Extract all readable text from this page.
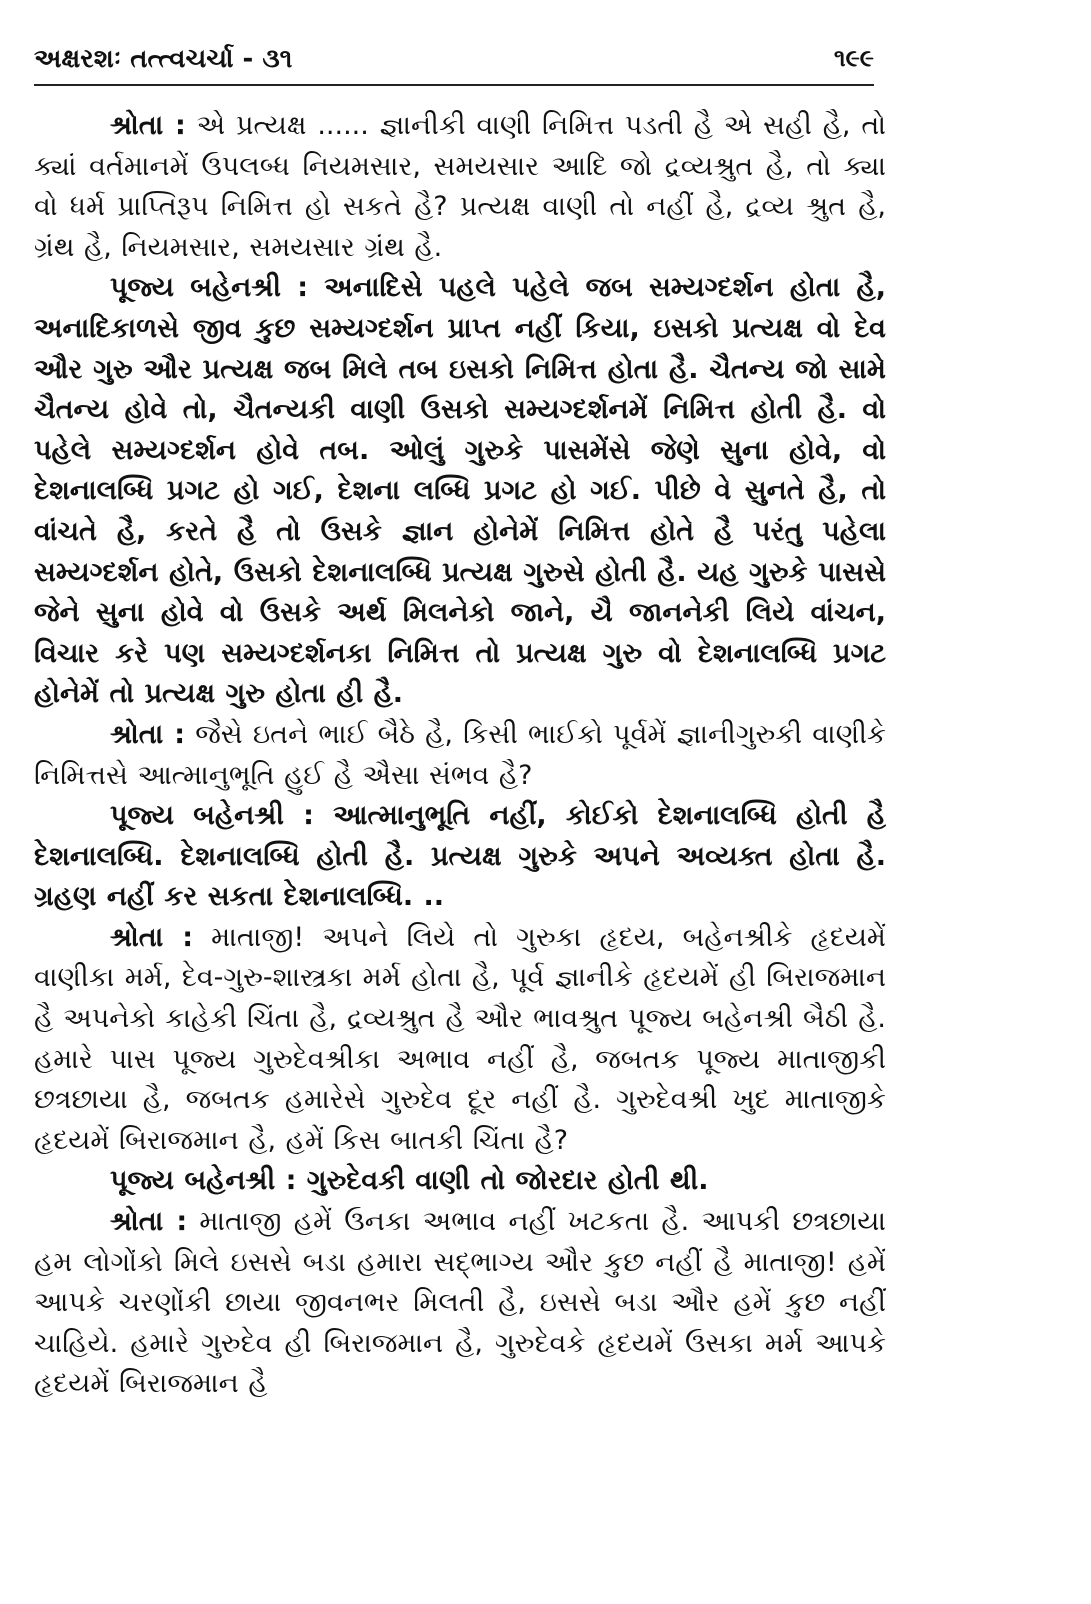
અક્ષરશઃ તત્ત્વચર્ચા - ૩૧	૧૯૯

શ્રોતા : એ પ્રત્યક્ષ ...... જ્ઞાનીકી વાણી નિમિત્ત પડતી હૈ એ સહી હૈ, તો ક્યાં વર્તમાનમેં ઉપલબ્ધ નિયમસાર, સમયસાર આદિ જો દ્રવ્યશ્રુત હૈ, તો ક્યા વો ધર્મ પ્રાપ્તિરૂપ નિમિત્ત હો સકતે હૈ? પ્રત્યક્ષ વાણી તો નહીં હૈ, દ્રવ્ય શ્રુત હૈ, ગ્રંથ હૈ, નિયમસાર, સમયસાર ગ્રંથ હૈ.

પૂજ્ય બહેનશ્રી : અનાદિસે પહલે પહેલે જબ સમ્યગ્દર્શન હોતા હૈ, અનાદિકાળસે જીવ કુછ સમ્યગ્દર્શન પ્રાપ્ત નહીં કિયા, ઇસકો પ્રત્યક્ષ વો દેવ ઔર ગુરુ ઔર પ્રત્યક્ષ જબ મિલે તબ ઇસકો નિમિત્ત હોતા હૈ. ચૈતન્ય જો સામે ચૈતન્ય હોવે તો, ચૈતન્યકી વાણી ઉસકો સમ્યગ્દર્શનમેં નિમિત્ત હોતી હૈ. વો પહેલે સમ્યગ્દર્શન હોવે તબ. ઓલું ગુરુકે પાસમેંસે જેણે સુના હોવે, વો દેશનાલબ્ધિ પ્રગટ હો ગઈ, દેશના લબ્ધિ પ્રગટ હો ગઈ. પીછે વે સુનતે હૈ, તો વાંચતે હૈ, કરતે હૈ તો ઉસકે જ્ઞાન હોનેમેં નિમિત્ત હોતે હૈ પરંતુ પહેલા સમ્યગ્દર્શન હોતે, ઉસકો દેશનાલબ્ધિ પ્રત્યક્ષ ગુરુસે હોતી હૈ. યહ ગુરુકે પાસસે જેને સુના હોવે વો ઉસકે અર્થ મિલનેકો જાને, યૈ જાનનેકી લિયે વાંચન, વિચાર કરે પણ સમ્યગ્દર્શનકા નિમિત્ત તો પ્રત્યક્ષ ગુરુ વો દેશનાલબ્ધિ પ્રગટ હોનેમેં તો પ્રત્યક્ષ ગુરુ હોતા હી હૈ.

શ્રોતા : જૈસે ઇતને ભાઈ બૈઠે હૈ, કિસી ભાઈકો પૂર્વમેં જ્ઞાનીગુરુકી વાણીકે નિમિત્તસે આત્માનુભૂતિ હુઈ હૈ ઐસા સંભવ હૈ?

પૂજ્ય બહેનશ્રી : આત્માનુભૂતિ નહીં, કોઈકો દેશનાલબ્ધિ હોતી હૈ દેશનાલબ્ધિ. દેશનાલબ્ધિ હોતી હૈ. પ્રત્યક્ષ ગુરુકે અપને અવ્યક્ત હોતા હૈ. ગ્રહણ નહીં કર સકતા દેશનાલબ્ધિ. ..

શ્રોતા : માતાજી! અપને લિયે તો ગુરુકા હૃદય, બહેનશ્રીકે હૃદયમેં વાણીકા મર્મ, દેવ-ગુરુ-શાસ્ત્રકા મર્મ હોતા હૈ, પૂર્વ જ્ઞાનીકે હૃદયમેં હી બિરાજમાન હૈ અપનેકો કાહેકી ચિંતા હૈ, દ્રવ્યશ્રુત હૈ ઔર ભાવશ્રુત પૂજ્ય બહેનશ્રી બૈઠી હૈ. હમારે પાસ પૂજ્ય ગુરુદેવશ્રીકા અભાવ નહીં હૈ, જબતક પૂજ્ય માતાજીકી છત્રછાયા હૈ, જબતક હમારેસે ગુરુદેવ દૂર નહીં હૈ. ગુરુદેવશ્રી ખુદ માતાજીકે હૃદયમેં બિરાજમાન હૈ, હમેં કિસ બાતકી ચિંતા હૈ?

પૂજ્ય બહેનશ્રી : ગુરુદેવકી વાણી તો જોરદાર હોતી થી.

શ્રોતા : માતાજી હમેં ઉનકા અભાવ નહીં ખટકતા હૈ. આપકી છત્રછાયા હમ લોગોંકો મિલે ઇસસે બડા હમારા સદ્ભાગ્ય ઔર કુછ નહીં હૈ માતાજી! હમેં આપકે ચરણોંકી છાયા જીવનભર મિલતી હૈ, ઇસસે બડા ઔર હમેં કુછ નહીં ચાહિયે. હમારે ગુરુદેવ હી બિરાજમાન હૈ, ગુરુદેવકે હૃદયમેં ઉસકા મર્મ આપકે હૃદયમેં બિરાજમાન હૈ
